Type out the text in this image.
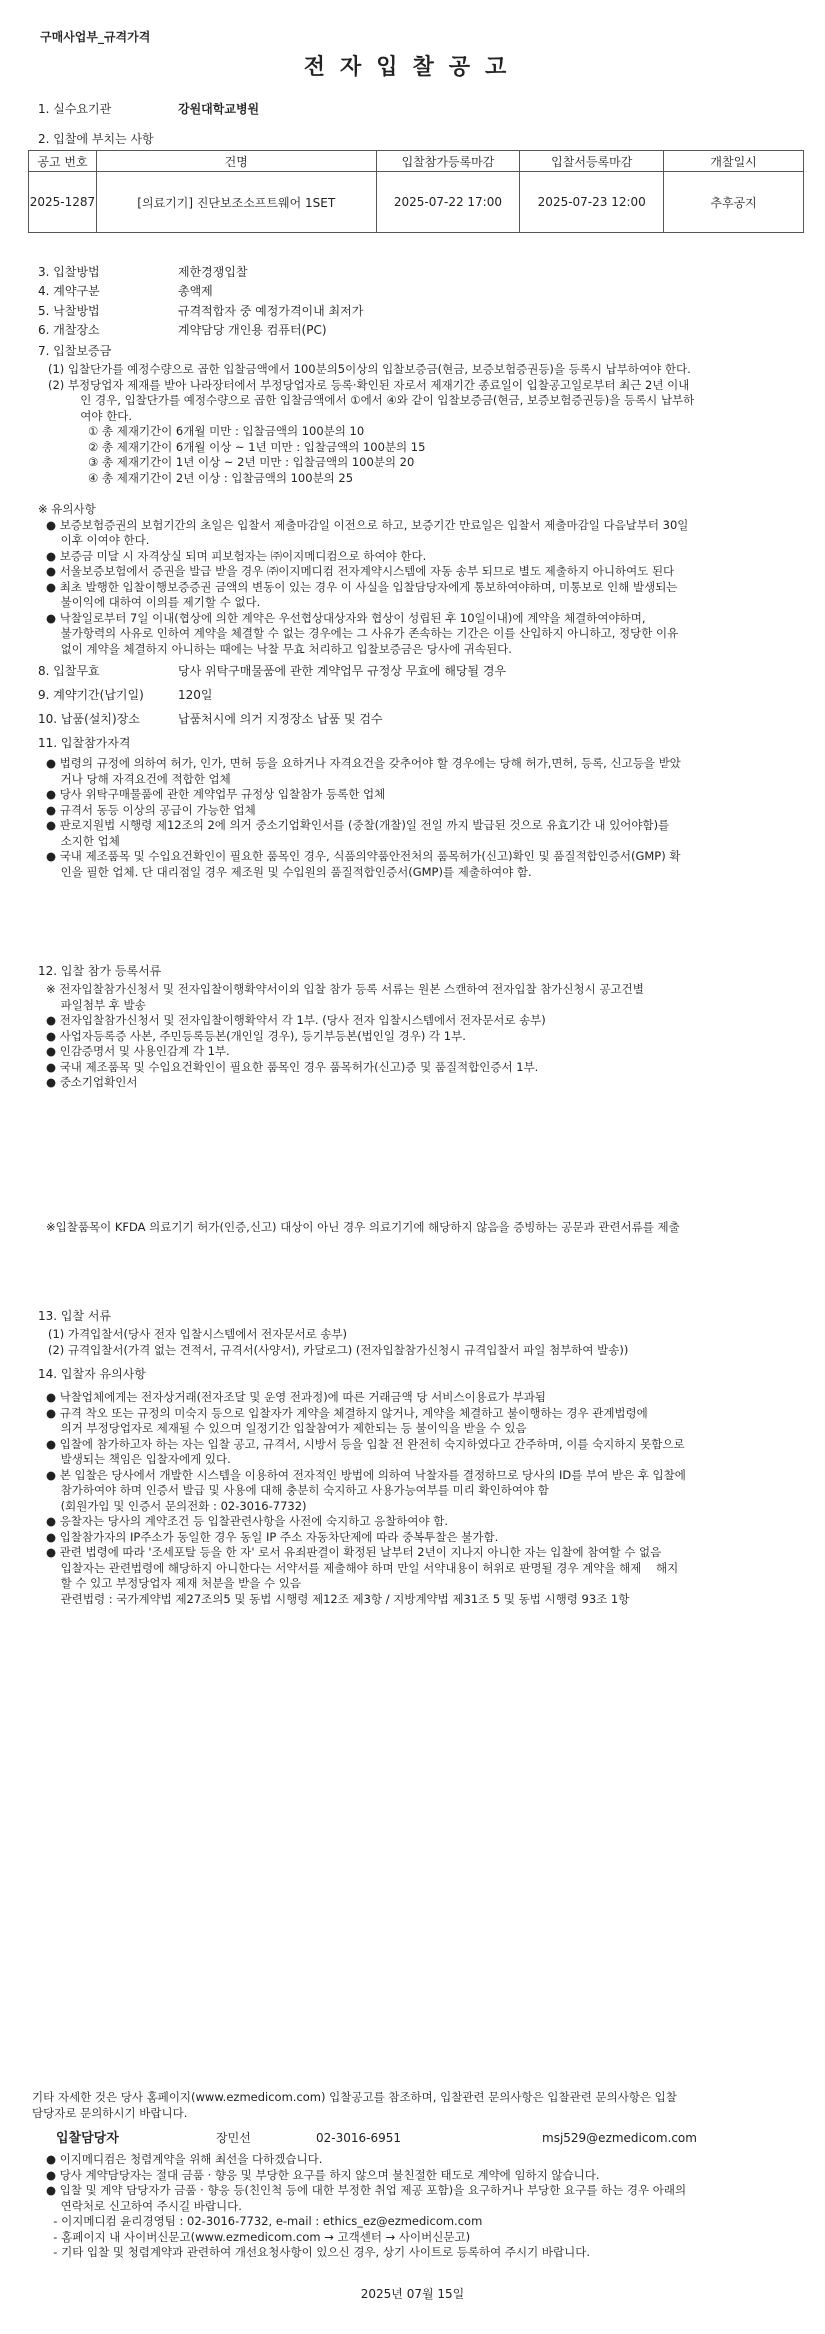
구매사업부_규격가격
전자입찰공고
1. 실수요기관	강원대학교병원
2. 입찰에 부치는 사항
공고 번호	건명	입찰참가등록마감	입찰서등록마감	개찰일시
2025-1287	[의료기기] 진단보조소프트웨어 1SET	2025-07-22 17:00	2025-07-23 12:00	추후공지
3. 입찰방법	제한경쟁입찰
4. 계약구분	총액제
5. 낙찰방법	규격적합자 중 예정가격이내 최저가
6. 개찰장소	계약담당 개인용 컴퓨터(PC)
7. 입찰보증금

(1) 입찰단가를 예정수량으로 곱한 입찰금액에서 100분의5이상의 입찰보증금(현금, 보증보험증권등)을 등록시 납부하여야 한다.

(2) 부정당업자 제재를 받아 나라장터에서 부정당업자로 등록·확인된 자로서 제재기간 종료일이 입찰공고일로부터 최근 2년 이내

인 경우, 입찰단가를 예정수량으로 곱한 입찰금액에서 ①에서 ④와 같이 입찰보증금(현금, 보증보험증권등)을 등록시 납부하

여야 한다.

① 총 제재기간이 6개월 미만 : 입찰금액의 100분의 10

② 총 제재기간이 6개월 이상 ~ 1년 미만 : 입찰금액의 100분의 15

③ 총 제재기간이 1년 이상 ~ 2년 미만 : 입찰금액의 100분의 20

④ 총 제재기간이 2년 이상 : 입찰금액의 100분의 25

※ 유의사항

● 보증보험증권의 보험기간의 초일은 입찰서 제출마감일 이전으로 하고, 보증기간 만료일은 입찰서 제출마감일 다음날부터 30일

이후 이여야 한다.

● 보증금 미달 시 자격상실 되며 피보험자는 ㈜이지메디컴으로 하여야 한다.

● 서울보증보험에서 증권을 발급 받을 경우 ㈜이지메디컴 전자계약시스템에 자동 송부 되므로 별도 제출하지 아니하여도 된다

● 최초 발행한 입찰이행보증증권 금액의 변동이 있는 경우 이 사실을 입찰담당자에게 통보하여야하며, 미통보로 인해 발생되는

불이익에 대하여 이의를 제기할 수 없다.

● 낙찰일로부터 7일 이내(협상에 의한 계약은 우선협상대상자와 협상이 성립된 후 10일이내)에 계약을 체결하여야하며,

불가항력의 사유로 인하여 계약을 체결할 수 없는 경우에는 그 사유가 존속하는 기간은 이를 산입하지 아니하고, 정당한 이유

없이 계약을 체결하지 아니하는 때에는 낙찰 무효 처리하고 입찰보증금은 당사에 귀속된다.

8. 입찰무효	당사 위탁구매물품에 관한 계약업무 규정상 무효에 해당될 경우
9. 계약기간(납기일)	120일
10. 납품(설치)장소	납품처시에 의거 지정장소 납품 및 검수
11. 입찰참가자격

● 법령의 규정에 의하여 허가, 인가, 면허 등을 요하거나 자격요건을 갖추어야 할 경우에는 당해 허가,면허, 등록, 신고등을 받았

거나 당해 자격요건에 적합한 업체

● 당사 위탁구매물품에 관한 계약업무 규정상 입찰참가 등록한 업체

● 규격서 동등 이상의 공급이 가능한 업체

● 판로지원법 시행령 제12조의 2에 의거 중소기업확인서를 (중찰(개찰)일 전일 까지 발급된 것으로 유효기간 내 있어야함)를

소지한 업체

● 국내 제조품목 및 수입요건확인이 필요한 품목인 경우, 식품의약품안전처의 품목허가(신고)확인 및 품질적합인증서(GMP) 확

인을 필한 업체. 단 대리점일 경우 제조원 및 수입원의 품질적합인증서(GMP)를 제출하여야 함.

12. 입찰 참가 등록서류

※ 전자입찰참가신청서 및 전자입찰이행확약서이외 입찰 참가 등록 서류는 원본 스캔하여 전자입찰 참가신청시 공고건별

파일첨부 후 발송

● 전자입찰참가신청서 및 전자입찰이행확약서 각 1부. (당사 전자 입찰시스템에서 전자문서로 송부)

● 사업자등록증 사본, 주민등록등본(개인일 경우), 등기부등본(법인일 경우) 각 1부.

● 인감증명서 및 사용인감계 각 1부.

● 국내 제조품목 및 수입요건확인이 필요한 품목인 경우 품목허가(신고)증 및 품질적합인증서 1부.

● 중소기업확인서

※입찰품목이 KFDA 의료기기 허가(인증,신고) 대상이 아닌 경우 의료기기에 해당하지 않음을 증빙하는 공문과 관련서류를 제출

13. 입찰 서류

(1) 가격입찰서(당사 전자 입찰시스템에서 전자문서로 송부)

(2) 규격입찰서(가격 없는 견적서, 규격서(사양서), 카달로그) (전자입찰참가신청시 규격입찰서 파일 첨부하여 발송))

14. 입찰자 유의사항

● 낙찰업체에게는 전자상거래(전자조달 및 운영 전과정)에 따른 거래금액 당 서비스이용료가 부과됨

● 규격 착오 또는 규정의 미숙지 등으로 입찰자가 계약을 체결하지 않거나, 계약을 체결하고 불이행하는 경우 관계법령에

의거 부정당업자로 제재될 수 있으며 일정기간 입찰참여가 제한되는 등 불이익을 받을 수 있음

● 입찰에 참가하고자 하는 자는 입찰 공고, 규격서, 시방서 등을 입찰 전 완전히 숙지하였다고 간주하며, 이를 숙지하지 못함으로

발생되는 책임은 입찰자에게 있다.

● 본 입찰은 당사에서 개발한 시스템을 이용하여 전자적인 방법에 의하여 낙찰자를 결정하므로 당사의 ID를 부여 받은 후 입찰에

참가하여야 하며 인증서 발급 및 사용에 대해 충분히 숙지하고 사용가능여부를 미리 확인하여야 함

(회원가입 및 인증서 문의전화 : 02-3016-7732)

● 응찰자는 당사의 계약조건 등 입찰관련사항을 사전에 숙지하고 응찰하여야 함.

● 입찰참가자의 IP주소가 동일한 경우 동일 IP 주소 자동차단제에 따라 중복투찰은 불가함.

● 관련 법령에 따라 '조세포탈 등을 한 자' 로서 유죄판결이 확정된 날부터 2년이 지나지 아니한 자는 입찰에 참여할 수 없음

입찰자는 관련법령에 해당하지 아니한다는 서약서를 제출해야 하며 만일 서약내용이 허위로 판명될 경우 계약을 해제    해지

할 수 있고 부정당업자 제재 처분을 받을 수 있음

관련법령 : 국가계약법 제27조의5 및 동법 시행령 제12조 제3항 / 지방계약법 제31조 5 및 동법 시행령 93조 1항

기타 자세한 것은 당사 홈페이지(www.ezmedicom.com) 입찰공고를 참조하며, 입찰관련 문의사항은 입찰관련 문의사항은 입찰

담당자로 문의하시기 바랍니다.

입찰담당자	장민선	02-3016-6951	msj529@ezmedicom.com

● 이지메디컴은 청렴계약을 위해 최선을 다하겠습니다.

● 당사 계약담당자는 절대 금품 · 향응 및 부당한 요구를 하지 않으며 불친절한 태도로 계약에 임하지 않습니다.

● 입찰 및 계약 담당자가 금품 · 향응 등(친인척 등에 대한 부정한 취업 제공 포함)을 요구하거나 부당한 요구를 하는 경우 아래의

연락처로 신고하여 주시길 바랍니다.

- 이지메디컴 윤리경영팀 : 02-3016-7732, e-mail : ethics_ez@ezmedicom.com

- 홈페이지 내 사이버신문고(www.ezmedicom.com → 고객센터 → 사이버신문고)

- 기타 입찰 및 청렴계약과 관련하여 개선요청사항이 있으신 경우, 상기 사이트로 등록하여 주시기 바랍니다.

2025년 07월 15일
